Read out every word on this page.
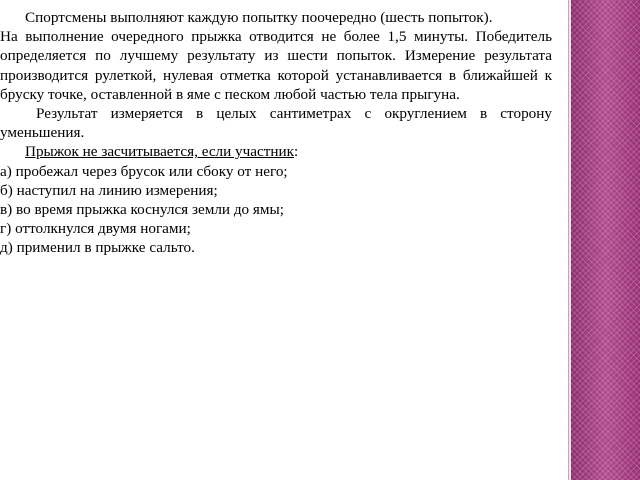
Спортсмены выполняют каждую попытку поочередно (шесть попыток).

На выполнение очередного прыжка отводится не более 1,5 минуты. Победитель определяется по лучшему результату из шести попыток. Измерение результата производится рулеткой, нулевая отметка которой устанавливается в ближайшей к бруску точке, оставленной в яме с песком любой частью тела прыгуна.

Результат измеряется в целых сантиметрах с округлением в сторону уменьшения.

Прыжок не засчитывается, если участник:

а) пробежал через брусок или сбоку от него;

б) наступил на линию измерения;

в) во время прыжка коснулся земли до ямы;

г) оттолкнулся двумя ногами;

д) применил в прыжке сальто.
